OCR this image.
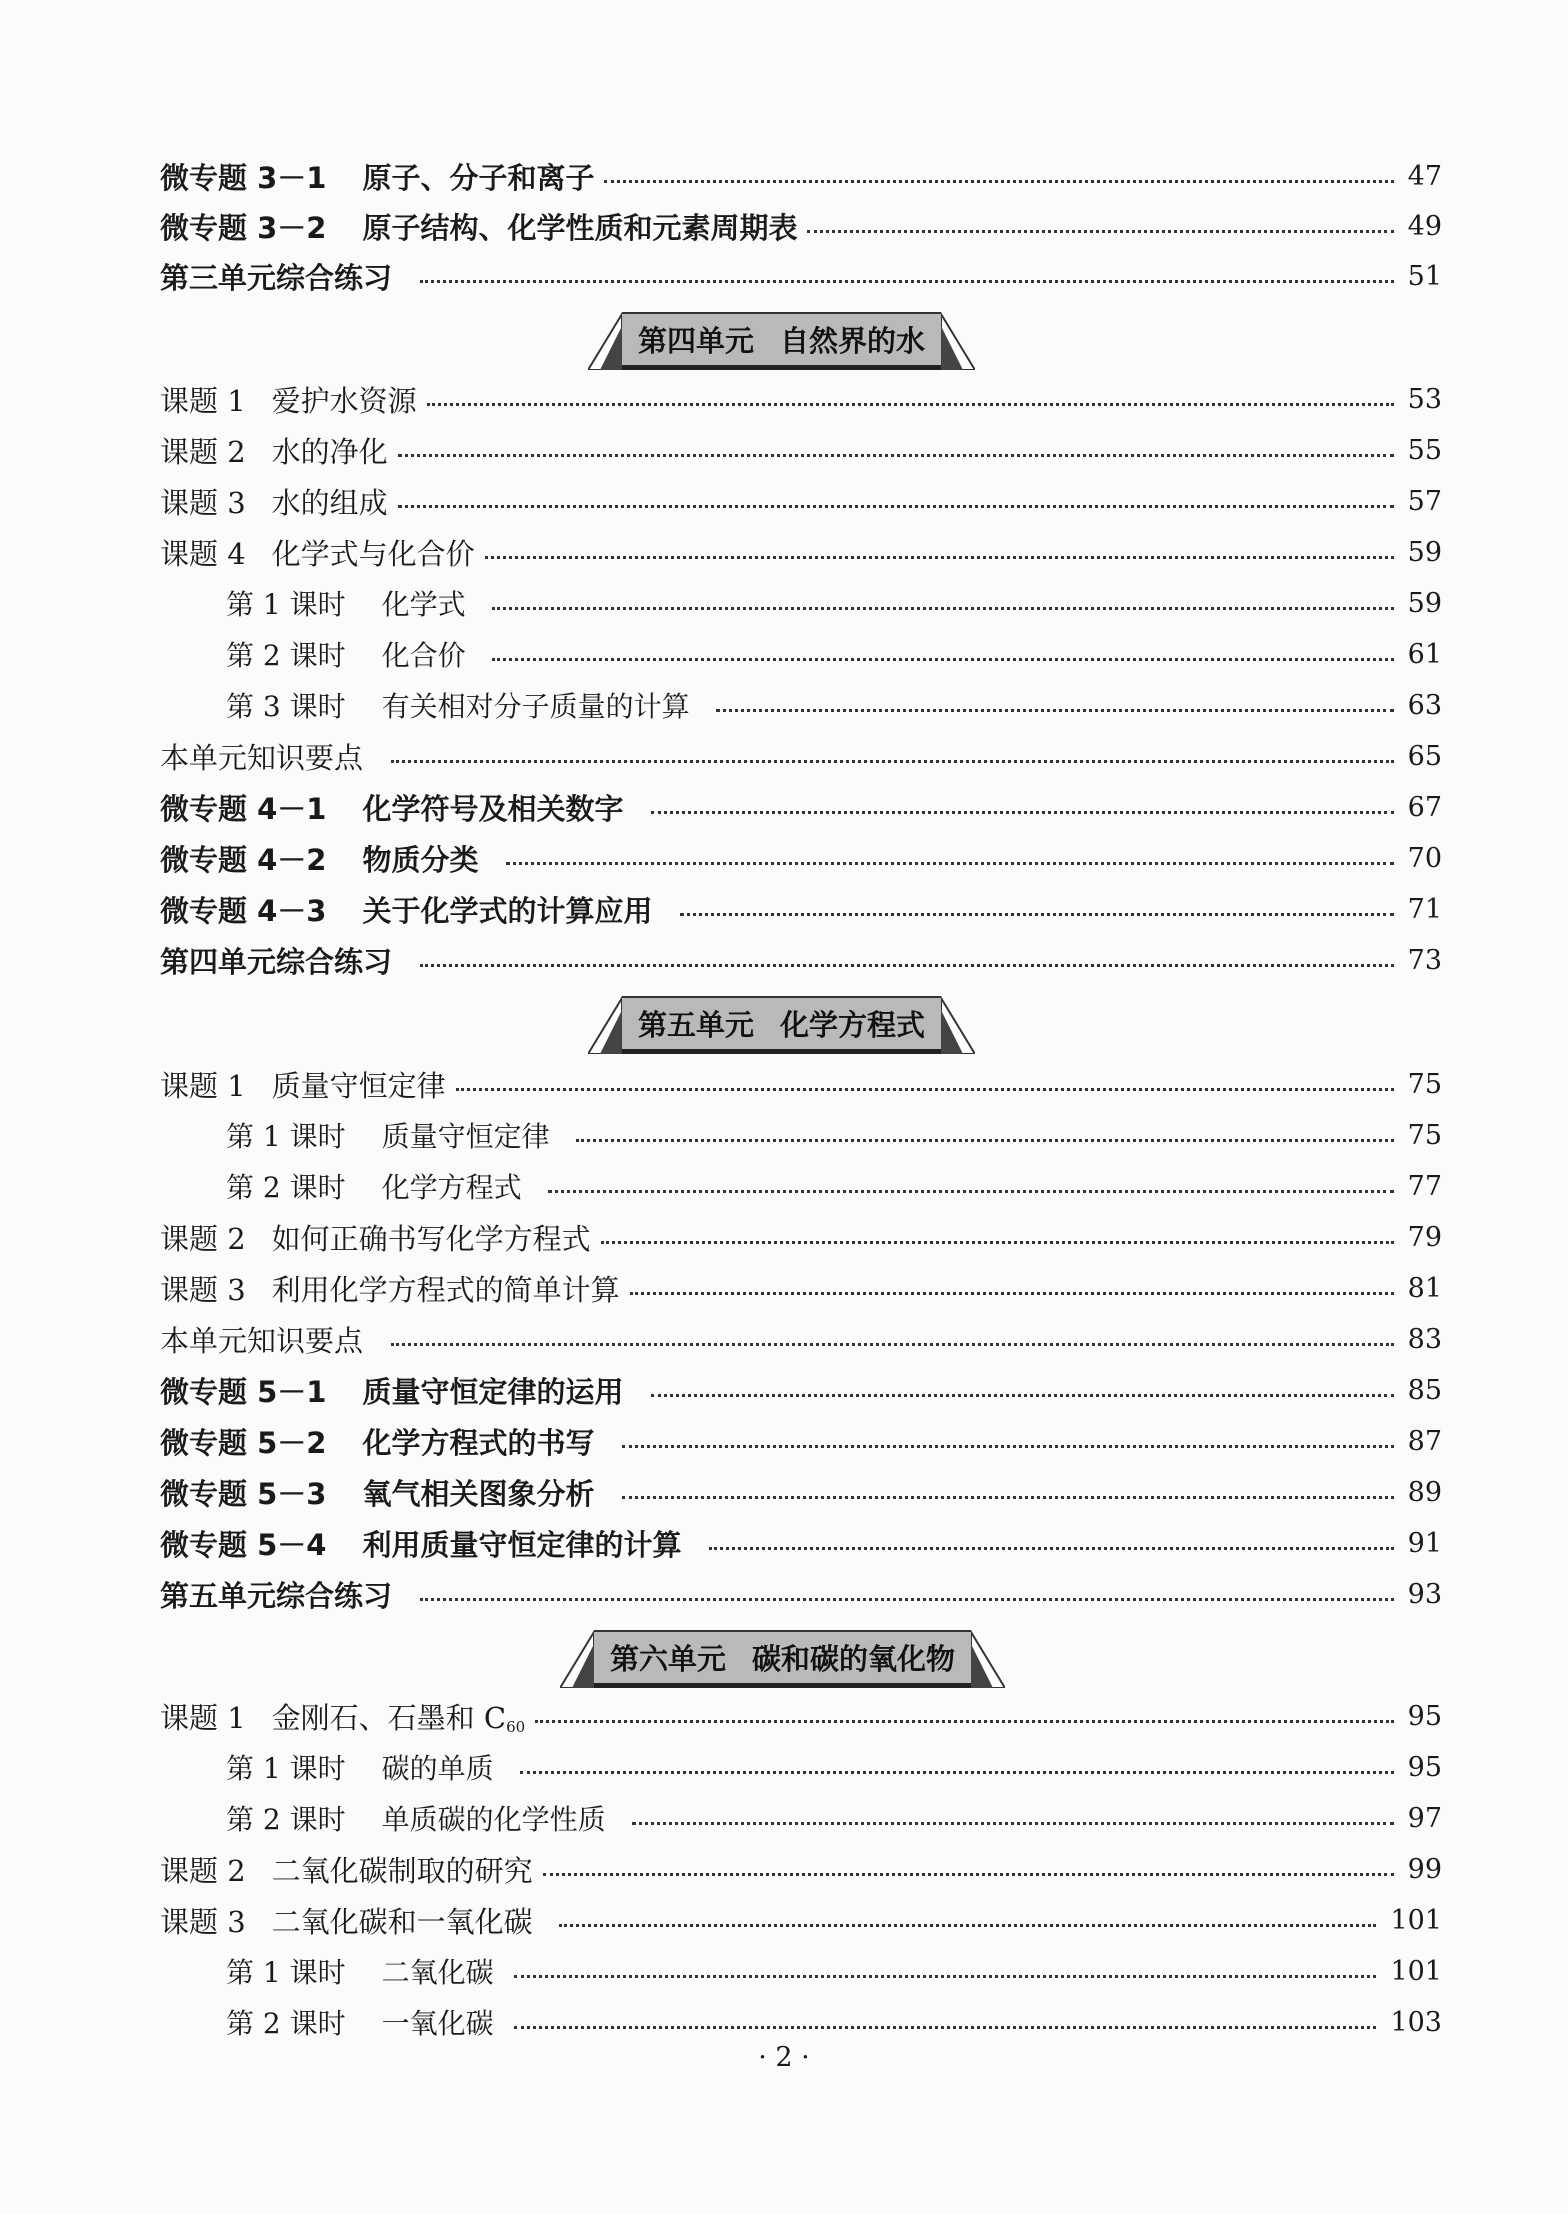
微专题 3－1 原子、分子和离子	47
微专题 3－2 原子结构、化学性质和元素周期表	49
第三单元综合练习	51
第四单元 自然界的水
课题 1 爱护水资源	53
课题 2 水的净化	55
课题 3 水的组成	57
课题 4 化学式与化合价	59
第 1 课时 化学式	59
第 2 课时 化合价	61
第 3 课时 有关相对分子质量的计算	63
本单元知识要点	65
微专题 4－1 化学符号及相关数字	67
微专题 4－2 物质分类	70
微专题 4－3 关于化学式的计算应用	71
第四单元综合练习	73
第五单元 化学方程式
课题 1 质量守恒定律	75
第 1 课时 质量守恒定律	75
第 2 课时 化学方程式	77
课题 2 如何正确书写化学方程式	79
课题 3 利用化学方程式的简单计算	81
本单元知识要点	83
微专题 5－1 质量守恒定律的运用	85
微专题 5－2 化学方程式的书写	87
微专题 5－3 氧气相关图象分析	89
微专题 5－4 利用质量守恒定律的计算	91
第五单元综合练习	93
第六单元 碳和碳的氧化物
课题 1 金刚石、石墨和 $C_{60}$	95
第 1 课时 碳的单质	95
第 2 课时 单质碳的化学性质	97
课题 2 二氧化碳制取的研究	99
课题 3 二氧化碳和一氧化碳	101
第 1 课时 二氧化碳	101
第 2 课时 一氧化碳	103
· 2 ·
